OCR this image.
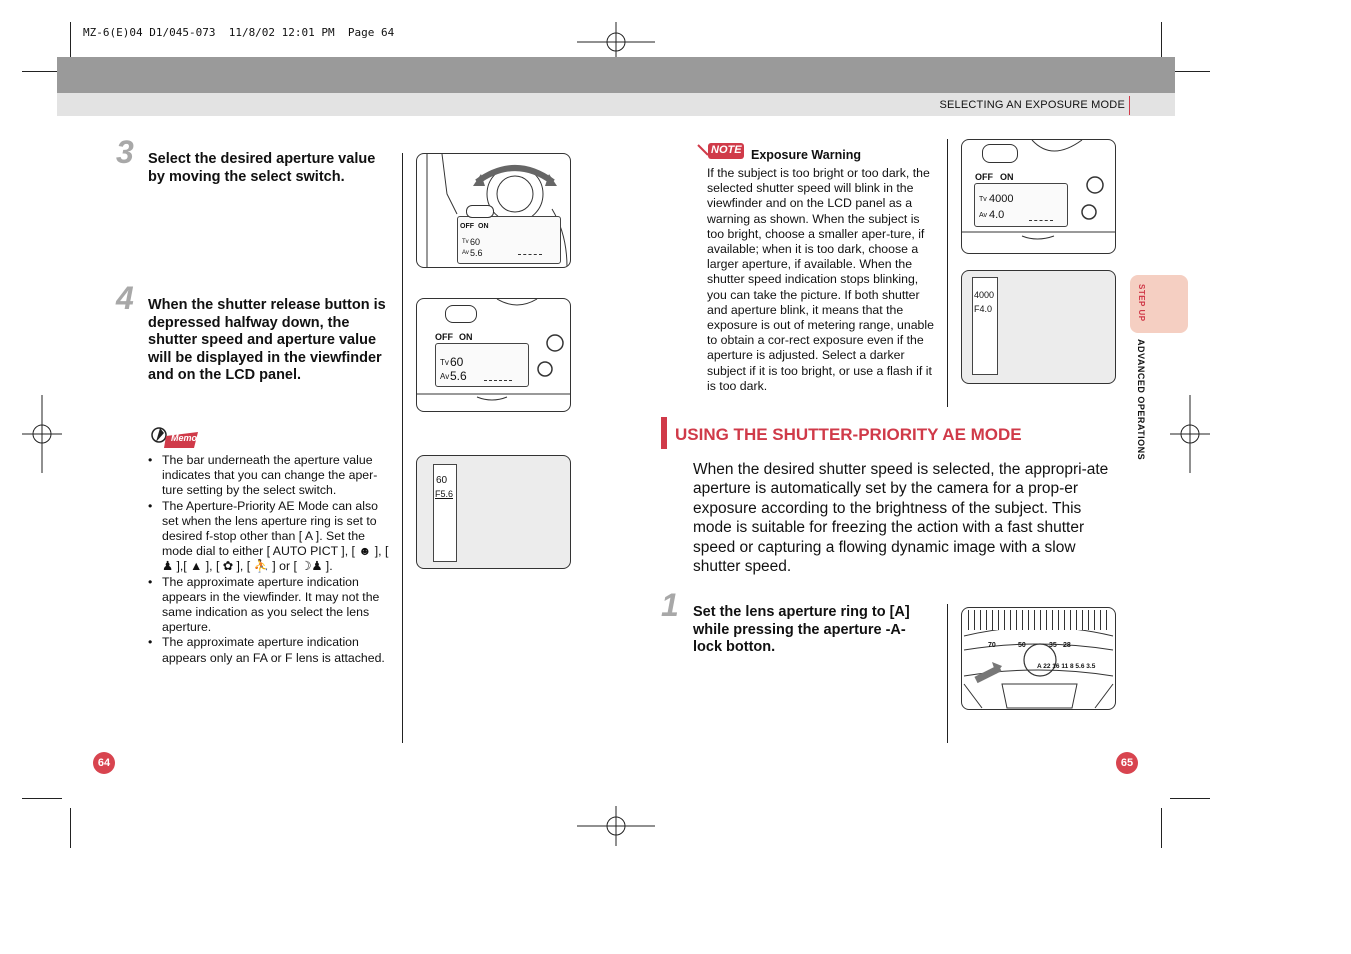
MZ-6(E)04 D1/045-073  11/8/02 12:01 PM  Page 64
SELECTING AN EXPOSURE MODE
3 Select the desired aperture value by moving the select switch.
4 When the shutter release button is depressed halfway down, the shutter speed and aperture value will be displayed in the viewfinder and on the LCD panel.
Memo
• The bar underneath the aperture value indicates that you can change the aper-ture setting by the select switch.
• The Aperture-Priority AE Mode can also set when the lens aperture ring is set to desired f-stop other than [ A ]. Set the mode dial to either [ AUTO PICT ], [ ☻ ], [ ♟ ],[ ▲ ], [ ✿ ], [ ⛹ ] or [ ☽♟ ].
• The approximate aperture indication appears in the viewfinder. It may not the same indication as you select the lens aperture.
• The approximate aperture indication appears only an FA or F lens is attached.
OFF ON
Tv 60
Av 5.6
OFF ON
Tv 60
Av 5.6
60
F5.6
64
NOTE Exposure Warning
If the subject is too bright or too dark, the selected shutter speed will blink in the viewfinder and on the LCD panel as a warning as shown. When the subject is too bright, choose a smaller aper-ture, if available; when it is too dark, choose a larger aperture, if available. When the shutter speed indication stops blinking, you can take the picture. If both shutter and aperture blink, it means that the exposure is out of metering range, unable to obtain a cor-rect exposure even if the aperture is adjusted. Select a darker subject if it is too bright, or use a flash if it is too dark.
OFF ON
Tv 4000
Av 4.0
4000
F4.0	STEP UP
ADVANCED OPERATIONS
USING THE SHUTTER-PRIORITY AE MODE
When the desired shutter speed is selected, the appropri-ate aperture is automatically set by the camera for a prop-er exposure according to the brightness of the subject. This mode is suitable for freezing the action with a fast shutter speed or capturing a flowing dynamic image with a slow shutter speed.
1 Set the lens aperture ring to [A] while pressing the aperture -A-lock botton.	70	50	35 28
A 22 16 11 8 5.6 3.5
65
